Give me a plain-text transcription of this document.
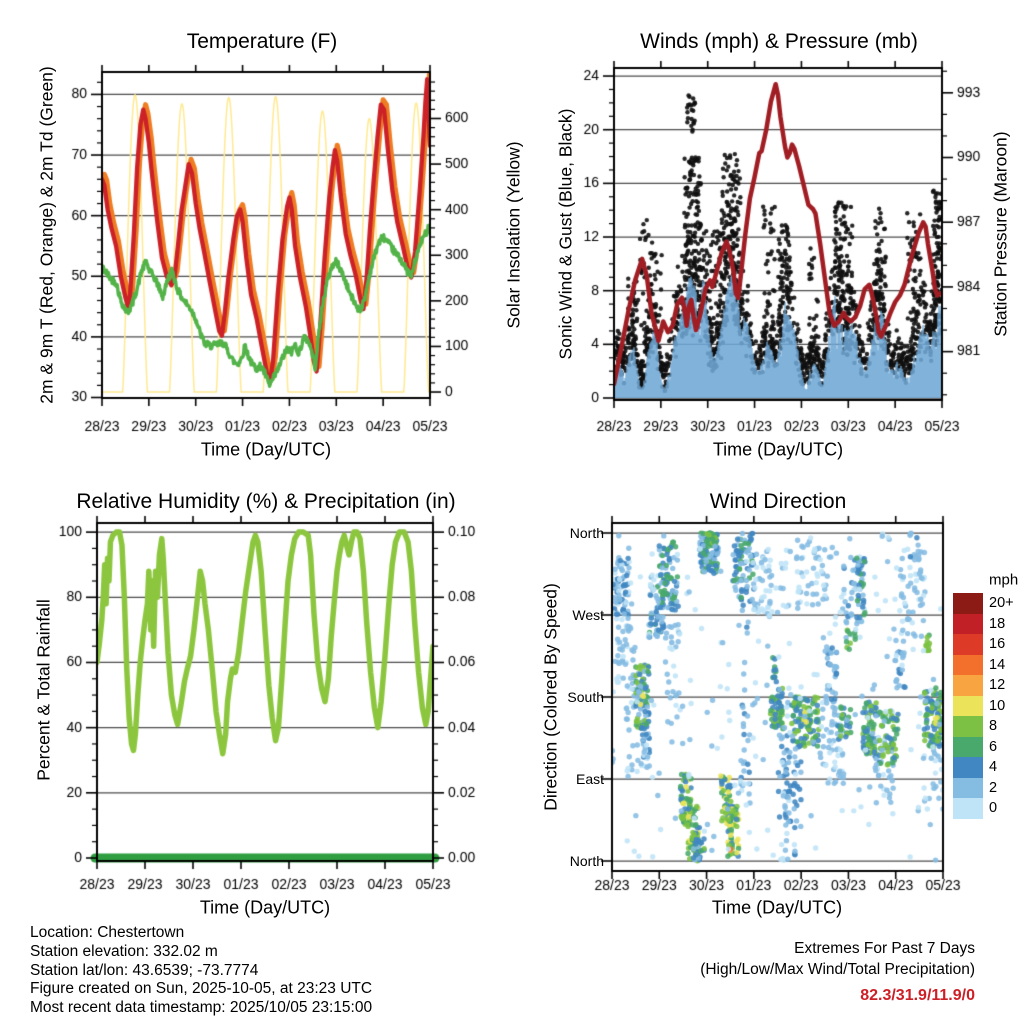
Temperature (F)	Winds (mph) & Pressure (mb)
Relative Humidity (%) & Precipitation (in)	Wind Direction
2m & 9m T (Red, Orange) & 2m Td (Green)	Solar Insolation (Yellow) Sonic Wind & Gust (Blue, Black)	Station Pressure (Maroon)
Percent & Total Rainfall	Direction (Colored By Speed)
Time (Day/UTC)	Time (Day/UTC)
Time (Day/UTC)	Time (Day/UTC)
North
West
South
East
North
mph
20+
18
16
14
12
10
8
6
4
2
0
Location: Chestertown
Station elevation: 332.02 m
Station lat/lon: 43.6539; -73.7774
Figure created on Sun, 2025-10-05, at 23:23 UTC
Most recent data timestamp: 2025/10/05 23:15:00
Extremes For Past 7 Days
(High/Low/Max Wind/Total Precipitation)
82.3/31.9/11.9/0
